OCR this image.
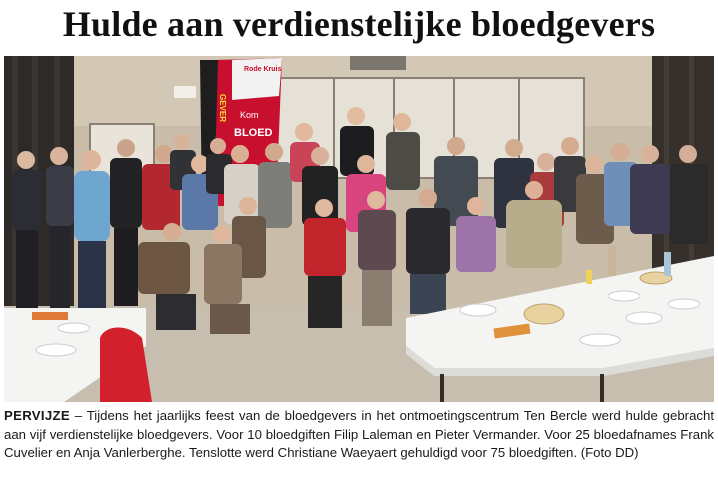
Hulde aan verdienstelijke bloedgevers
Rode Kruis
Kom
BLOED
GEVER
PERVIJZE – Tijdens het jaarlijks feest van de bloedgevers in het ontmoetingscentrum Ten Bercle werd hulde gebracht aan vijf verdienstelijke bloedgevers. Voor 10 bloedgiften Filip Laleman en Pieter Vermander. Voor 25 bloedafnames Frank Cuvelier en Anja Vanlerberghe. Tenslotte werd Christiane Waeyaert gehuldigd voor 75 bloedgiften. (Foto DD)
